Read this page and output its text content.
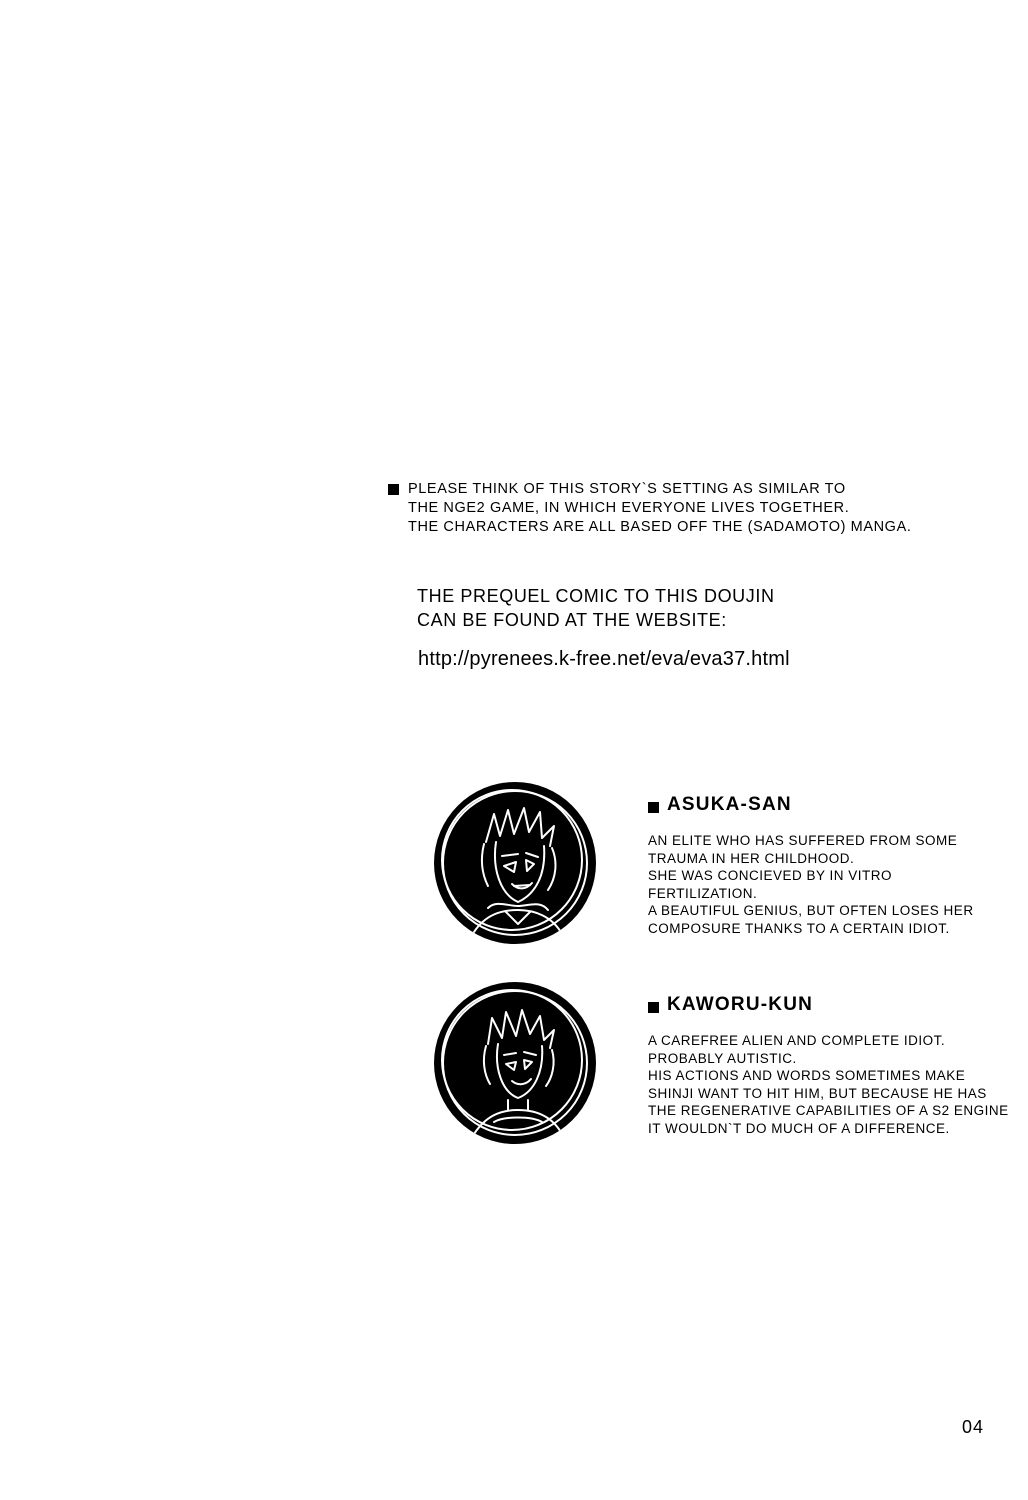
PLEASE THINK OF THIS STORY`S SETTING AS SIMILAR TO
THE NGE2 GAME, IN WHICH EVERYONE LIVES TOGETHER.
THE CHARACTERS ARE ALL BASED OFF THE (SADAMOTO) MANGA.
THE PREQUEL COMIC TO THIS DOUJIN
CAN BE FOUND AT THE WEBSITE:
http://pyrenees.k-free.net/eva/eva37.html
ASUKA-SAN
AN ELITE WHO HAS SUFFERED FROM SOME
TRAUMA IN HER CHILDHOOD.
SHE WAS CONCIEVED BY IN VITRO
FERTILIZATION.
A BEAUTIFUL GENIUS, BUT OFTEN LOSES HER
COMPOSURE THANKS TO A CERTAIN IDIOT.
KAWORU-KUN
A CAREFREE ALIEN AND COMPLETE IDIOT.
PROBABLY AUTISTIC.
HIS ACTIONS AND WORDS SOMETIMES MAKE
SHINJI WANT TO HIT HIM, BUT BECAUSE HE HAS
THE REGENERATIVE CAPABILITIES OF A S2 ENGINE
IT WOULDN`T DO MUCH OF A DIFFERENCE.
04
